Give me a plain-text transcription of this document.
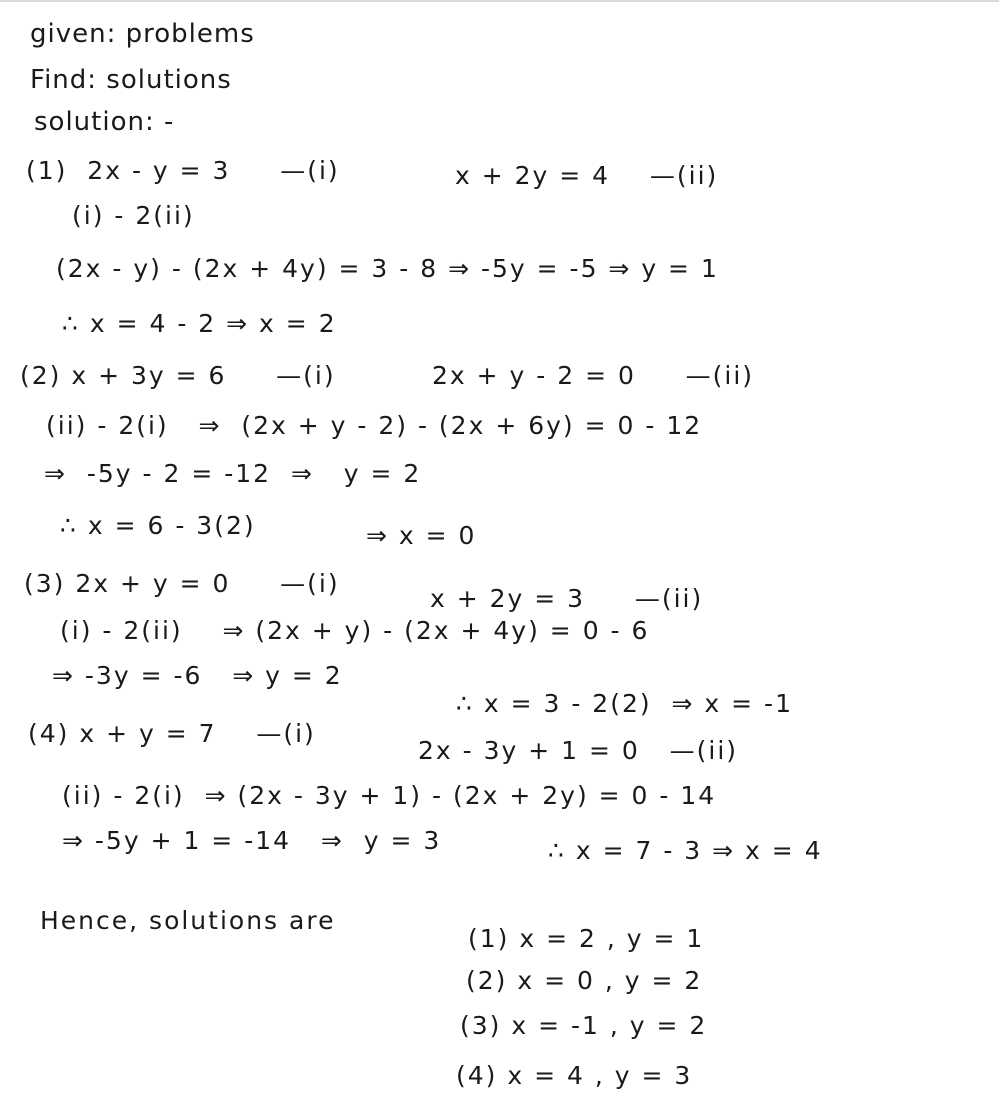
given: problems
Find: solutions
solution: -
(1)  2x - y = 3     —(i)	x + 2y = 4    —(ii)
(i) - 2(ii)
(2x - y) - (2x + 4y) = 3 - 8 ⇒ -5y = -5 ⇒ y = 1
∴ x = 4 - 2 ⇒ x = 2
(2) x + 3y = 6     —(i)	2x + y - 2 = 0     —(ii)
(ii) - 2(i)   ⇒  (2x + y - 2) - (2x + 6y) = 0 - 12
⇒  -5y - 2 = -12  ⇒   y = 2
∴ x = 6 - 3(2)	⇒ x = 0
(3) 2x + y = 0     —(i)
x + 2y = 3     —(ii)
(i) - 2(ii)    ⇒ (2x + y) - (2x + 4y) = 0 - 6
⇒ -3y = -6   ⇒ y = 2
∴ x = 3 - 2(2)  ⇒ x = -1
(4) x + y = 7    —(i)
2x - 3y + 1 = 0   —(ii)
(ii) - 2(i)  ⇒ (2x - 3y + 1) - (2x + 2y) = 0 - 14
⇒ -5y + 1 = -14   ⇒  y = 3	∴ x = 7 - 3 ⇒ x = 4
Hence, solutions are
(1) x = 2 , y = 1
(2) x = 0 , y = 2
(3) x = -1 , y = 2
(4) x = 4 , y = 3
